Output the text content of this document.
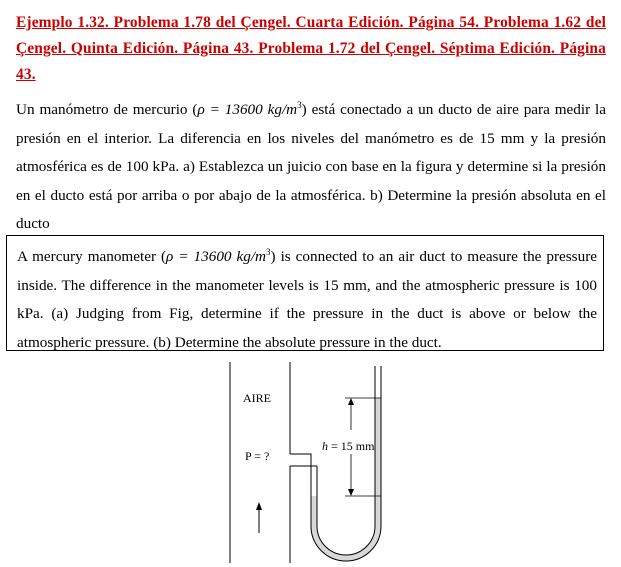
Ejemplo 1.32. Problema 1.78 del Çengel. Cuarta Edición. Página 54. Problema 1.62 del Çengel. Quinta Edición. Página 43. Problema 1.72 del Çengel. Séptima Edición. Página 43.
Un manómetro de mercurio (ρ = 13600 $kg/m^3$) está conectado a un ducto de aire para medir la presión en el interior. La diferencia en los niveles del manómetro es de 15 mm y la presión atmosférica es de 100 kPa. a) Establezca un juicio con base en la figura y determine si la presión en el ducto está por arriba o por abajo de la atmosférica. b) Determine la presión absoluta en el ducto
A mercury manometer (ρ = 13600 $kg/m^3$) is connected to an air duct to measure the pressure inside. The difference in the manometer levels is 15 mm, and the atmospheric pressure is 100 kPa. (a) Judging from Fig, determine if the pressure in the duct is above or below the atmospheric pressure. (b) Determine the absolute pressure in the duct.
AIRE
P = ?
h = 15 mm
